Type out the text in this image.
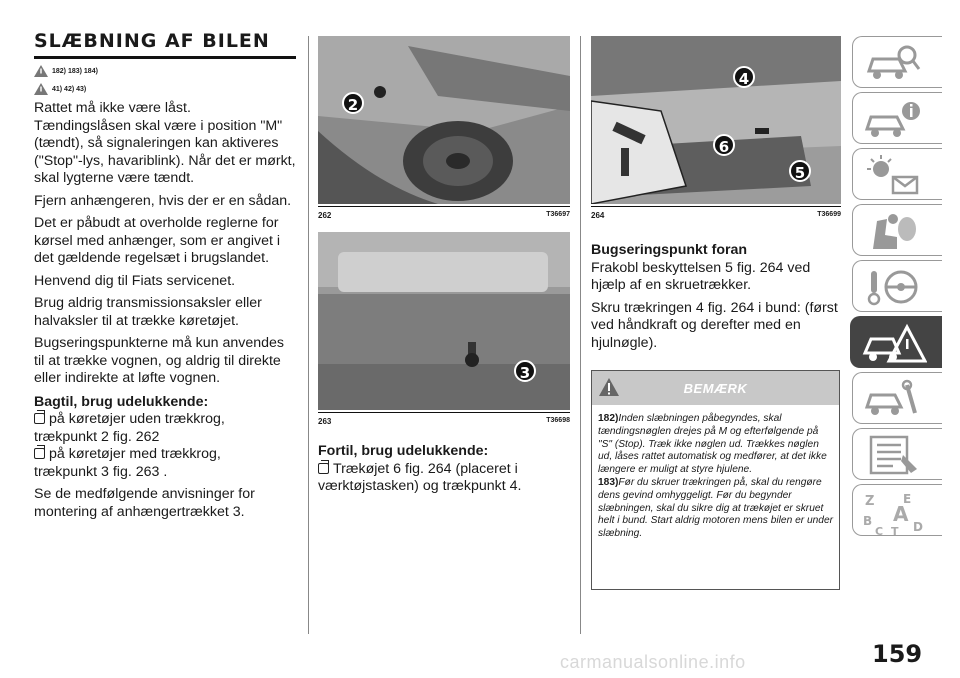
SLÆBNING AF BILEN
182) 183) 184)
41) 42) 43)
Rattet må ikke være låst.
Tændingslåsen skal være i position "M" (tændt), så signaleringen kan aktiveres ("Stop"-lys, havariblink). Når det er mørkt, skal lygterne være tændt.
Fjern anhængeren, hvis der er en sådan.
Det er påbudt at overholde reglerne for kørsel med anhænger, som er angivet i det gældende regelsæt i brugslandet.
Henvend dig til Fiats servicenet.
Brug aldrig transmissionsaksler eller halvaksler til at trække køretøjet.
Bugseringspunkterne må kun anvendes til at trække vognen, og aldrig til direkte eller indirekte at løfte vognen.
Bagtil, brug udelukkende:
på køretøjer uden trækkrog,
trækpunkt 2 fig. 262
på køretøjer med trækkrog,
trækpunkt 3 fig. 263 .
Se de medfølgende anvisninger for montering af anhængertrækket 3.
2
262	T36697
3
263	T36698
Fortil, brug udelukkende:
Trækøjet 6 fig. 264 (placeret i
værktøjstasken) og trækpunkt 4.
4
6
5
264	T36699
Bugseringspunkt foran
Frakobl beskyttelsen 5 fig. 264 ved hjælp af en skruetrækker.
Skru trækringen 4 fig. 264 i bund: (først ved håndkraft og derefter med en hjulnøgle).
BEMÆRK
182)Inden slæbningen påbegyndes, skal tændingsnøglen drejes på M og efterfølgende på "S" (Stop). Træk ikke nøglen ud. Trækkes nøglen ud, låses rattet automatisk og medfører, at det ikke længere er muligt at styre hjulene.
183)Før du skruer trækringen på, skal du rengøre dens gevind omhyggeligt. Før du begynder slæbningen, skal du sikre dig at trækøjet er skruet helt i bund. Start aldrig motoren mens bilen er under slæbning.
Z E
B A
C T D
159
carmanualsonline.info
